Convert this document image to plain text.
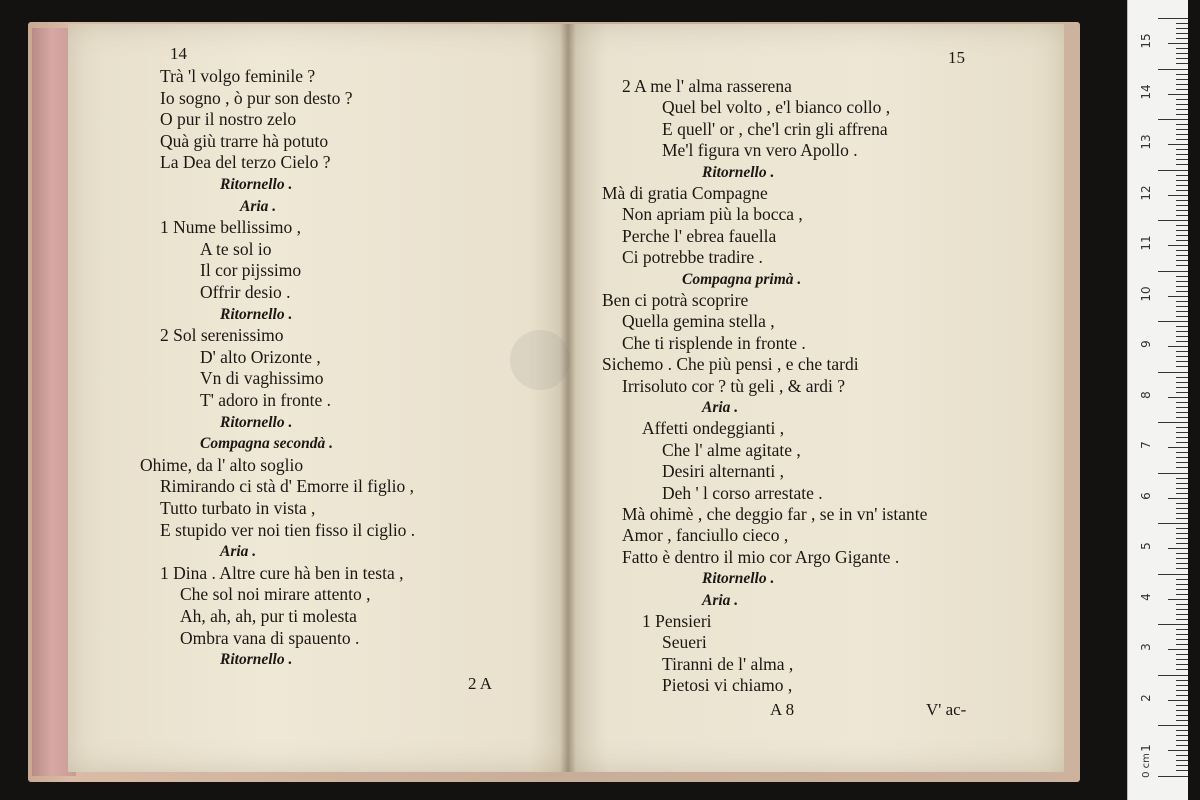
14
Trà 'l volgo feminile ?
Io sogno , ò pur son desto ?
O pur il nostro zelo
Quà giù trarre hà potuto
La Dea del terzo Cielo ?
Ritornello .
Aria .
1 Nume bellissimo ,
A te sol io
Il cor pijssimo
Offrir desio .
Ritornello .
2 Sol serenissimo
D' alto Orizonte ,
Vn di vaghissimo
T' adoro in fronte .
Ritornello .
Compagna secondà .
Ohime, da l' alto soglio
Rimirando ci stà d' Emorre il figlio ,
Tutto turbato in vista ,
E stupido ver noi tien fisso il ciglio .
Aria .
1 Dina . Altre cure hà ben in testa ,
Che sol noi mirare attento ,
Ah, ah, ah, pur ti molesta
Ombra vana di spauento .
Ritornello .
2 A
15
2 A me l' alma rasserena
Quel bel volto , e'l bianco collo ,
E quell' or , che'l crin gli affrena
Me'l figura vn vero Apollo .
Ritornello .
Mà di gratia Compagne
Non apriam più la bocca ,
Perche l' ebrea fauella
Ci potrebbe tradire .
Compagna primà .
Ben ci potrà scoprire
Quella gemina stella ,
Che ti risplende in fronte .
Sichemo . Che più pensi , e che tardi
Irrisoluto cor ? tù geli , & ardi ?
Aria .
Affetti ondeggianti ,
Che l' alme agitate ,
Desiri alternanti ,
Deh ' l corso arrestate .
Mà ohimè , che deggio far , se in vn' istante
Amor , fanciullo cieco ,
Fatto è dentro il mio cor Argo Gigante .
Ritornello .
Aria .
1 Pensieri
Seueri
Tiranni de l' alma ,
Pietosi vi chiamo ,
A 8	V' ac-
15
14
13
12
11
10
9
8
7
6
5
4
3
2
1
0 cm
